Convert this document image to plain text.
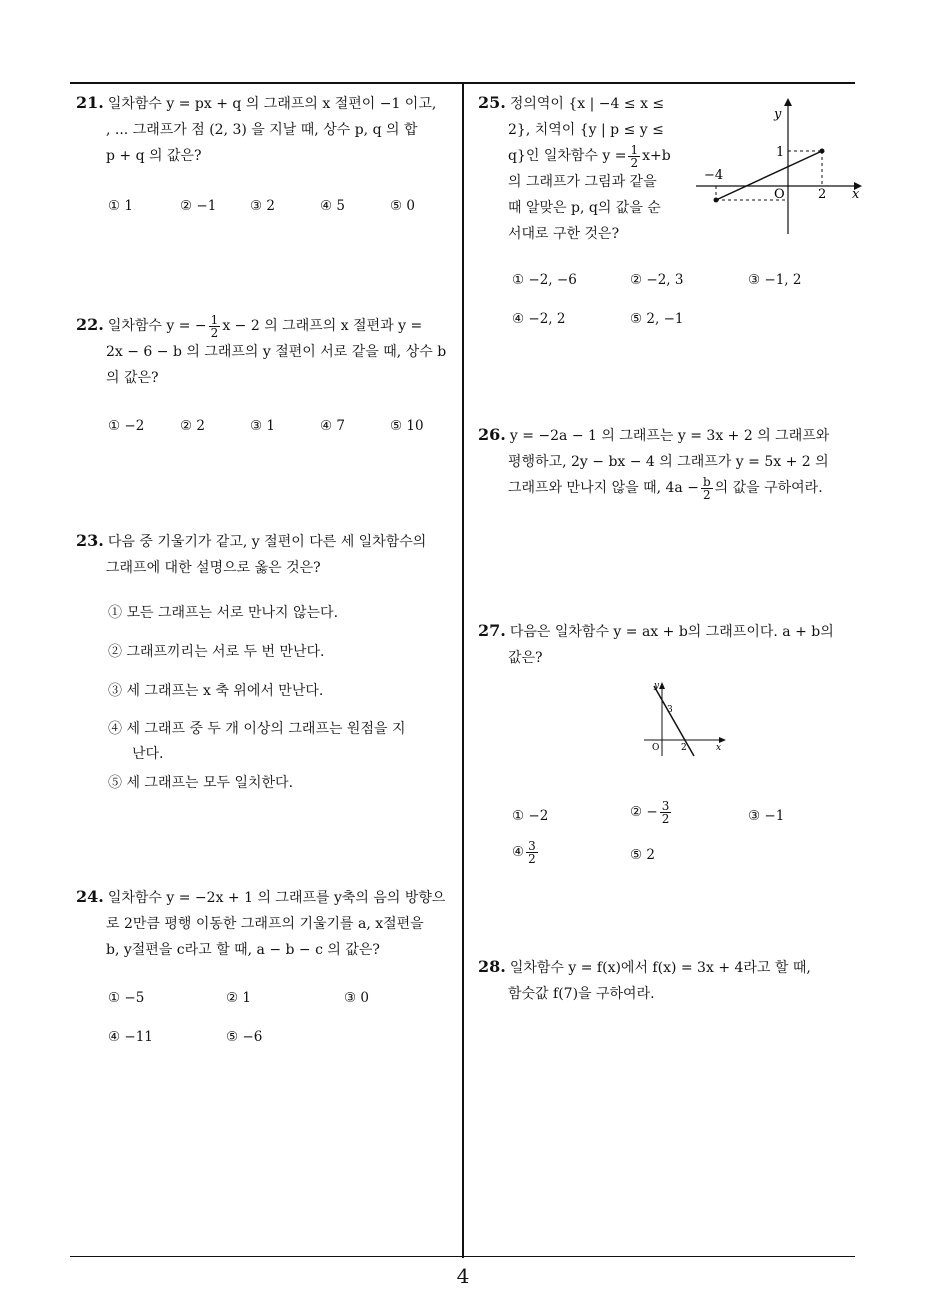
4
21. 일차함수 y = px + q 의 그래프의 x 절편이 −1 이고,
, ... 그래프가 점 (2, 3) 을 지날 때, 상수 p, q 의 합
p + q 의 값은?
① 1	② −1 ③ 2	④ 5	⑤ 0
22. 일차함수 y = − $\frac{1}{2}$ x − 2 의 그래프의 x 절편과 y =
2x − 6 − b 의 그래프의 y 절편이 서로 같을 때, 상수 b
의 값은?
① −2	② 2	③ 1	④ 7	⑤ 10
23. 다음 중 기울기가 같고, y 절편이 다른 세 일차함수의
그래프에 대한 설명으로 옳은 것은?
① 모든 그래프는 서로 만나지 않는다.
② 그래프끼리는 서로 두 번 만난다.
③ 세 그래프는 x 축 위에서 만난다.
④ 세 그래프 중 두 개 이상의 그래프는 원점을 지
난다.
⑤ 세 그래프는 모두 일치한다.
24. 일차함수 y = −2x + 1 의 그래프를 y축의 음의 방향으
로 2만큼 평행 이동한 그래프의 기울기를 a, x절편을
b, y절편을 c라고 할 때, a − b − c 의 값은?
① −5	② 1	③ 0
④ −11	⑤ −6
25. 정의역이 {x | −4 ≤ x ≤
2}, 치역이 {y | p ≤ y ≤
q}인 일차함수 $y = \frac{1}{2} x+b$
의 그래프가 그림과 같을
때 알맞은 p, q의 값을 순
서대로 구한 것은?
y
x
1
−4
O	2
① −2, −6	② −2, 3	③ −1, 2
④ −2, 2	⑤ 2, −1
26. y = −2a − 1 의 그래프는 y = 3x + 2 의 그래프와
평행하고, 2y − bx − 4 의 그래프가 y = 5x + 2 의
그래프와 만나지 않을 때, $4a - \frac{b}{2}$ 의 값을 구하여라.
27. 다음은 일차함수 y = ax + b의 그래프이다. a + b의
값은?
y
x
3
O 2
① −2	② − $\frac{3}{2}$	③ −1
④ $\frac{3}{2}$	⑤ 2
28. 일차함수 y = f(x)에서 f(x) = 3x + 4라고 할 때,
함숫값 f(7)을 구하여라.
